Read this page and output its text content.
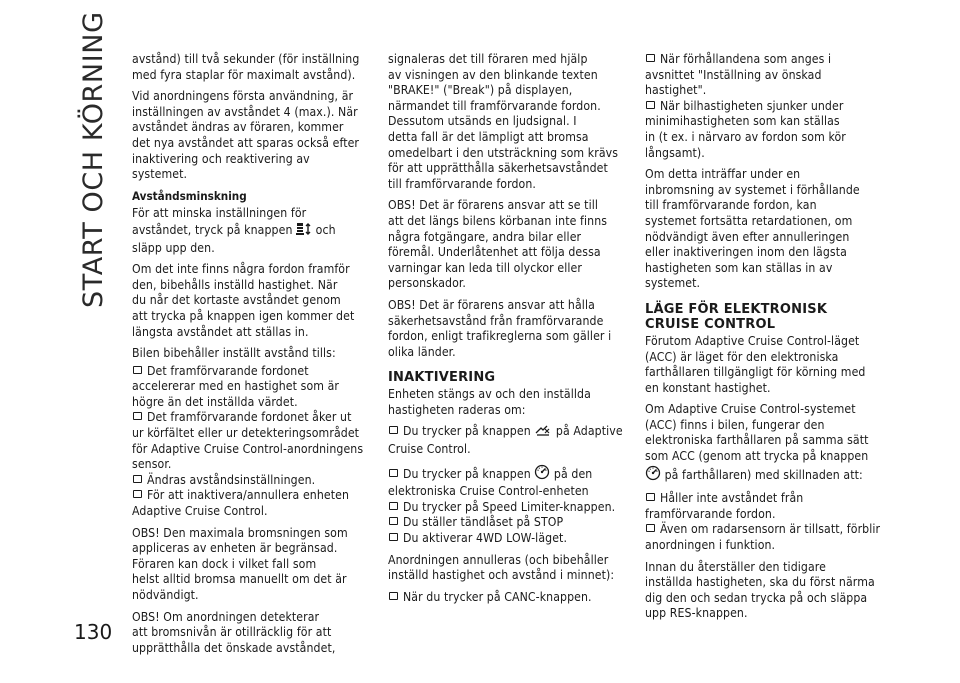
START OCH KÖRNING
130

avstånd) till två sekunder (för inställning
med fyra staplar för maximalt avstånd).

Vid anordningens första användning, är
inställningen av avståndet 4 (max.). När
avståndet ändras av föraren, kommer
det nya avståndet att sparas också efter
inaktivering och reaktivering av systemet.

Avståndsminskning

För att minska inställningen för
avståndet, tryck på knappen  och
släpp upp den.

Om det inte finns några fordon framför
den, bibehålls inställd hastighet. När
du når det kortaste avståndet genom
att trycka på knappen igen kommer det
längsta avståndet att ställas in.

Bilen bibehåller inställt avstånd tills:

Det framförvarande fordonet
accelererar med en hastighet som är
högre än det inställda värdet.
Det framförvarande fordonet åker ut
ur körfältet eller ur detekteringsområdet
för Adaptive Cruise Control-anordningens
sensor.
Ändras avståndsinställningen.
För att inaktivera/annullera enheten
Adaptive Cruise Control.

OBS! Den maximala bromsningen som
appliceras av enheten är begränsad.
Föraren kan dock i vilket fall som
helst alltid bromsa manuellt om det är
nödvändigt.

OBS! Om anordningen detekterar
att bromsnivån är otillräcklig för att
upprätthålla det önskade avståndet,

signaleras det till föraren med hjälp
av visningen av den blinkande texten
"BRAKE!" ("Break") på displayen,
närmandet till framförvarande fordon.
Dessutom utsänds en ljudsignal. I
detta fall är det lämpligt att bromsa
omedelbart i den utsträckning som krävs
för att upprätthålla säkerhetsavståndet
till framförvarande fordon.

OBS! Det är förarens ansvar att se till
att det längs bilens körbanan inte finns
några fotgängare, andra bilar eller
föremål. Underlåtenhet att följa dessa
varningar kan leda till olyckor eller
personskador.

OBS! Det är förarens ansvar att hålla
säkerhetsavstånd från framförvarande
fordon, enligt trafikreglerna som gäller i
olika länder.

INAKTIVERING

Enheten stängs av och den inställda
hastigheten raderas om:

Du trycker på knappen  på Adaptive
Cruise Control.
Du trycker på knappen  på den
elektroniska Cruise Control-enheten
Du trycker på Speed Limiter-knappen.
Du ställer tändlåset på STOP
Du aktiverar 4WD LOW-läget.

Anordningen annulleras (och bibehåller
inställd hastighet och avstånd i minnet):

När du trycker på CANC-knappen.
När förhållandena som anges i
avsnittet "Inställning av önskad
hastighet".
När bilhastigheten sjunker under
minimihastigheten som kan ställas
in (t ex. i närvaro av fordon som kör
långsamt).

Om detta inträffar under en
inbromsning av systemet i förhållande
till framförvarande fordon, kan
systemet fortsätta retardationen, om
nödvändigt även efter annulleringen
eller inaktiveringen inom den lägsta
hastigheten som kan ställas in av
systemet.

LÄGE FÖR ELEKTRONISK
CRUISE CONTROL

Förutom Adaptive Cruise Control-läget
(ACC) är läget för den elektroniska
farthållaren tillgängligt för körning med
en konstant hastighet.

Om Adaptive Cruise Control-systemet
(ACC) finns i bilen, fungerar den
elektroniska farthållaren på samma sätt
som ACC (genom att trycka på knappen
på farthållaren) med skillnaden att:

Håller inte avståndet från
framförvarande fordon.
Även om radarsensorn är tillsatt, förblir
anordningen i funktion.

Innan du återställer den tidigare
inställda hastigheten, ska du först närma
dig den och sedan trycka på och släppa
upp RES-knappen.
